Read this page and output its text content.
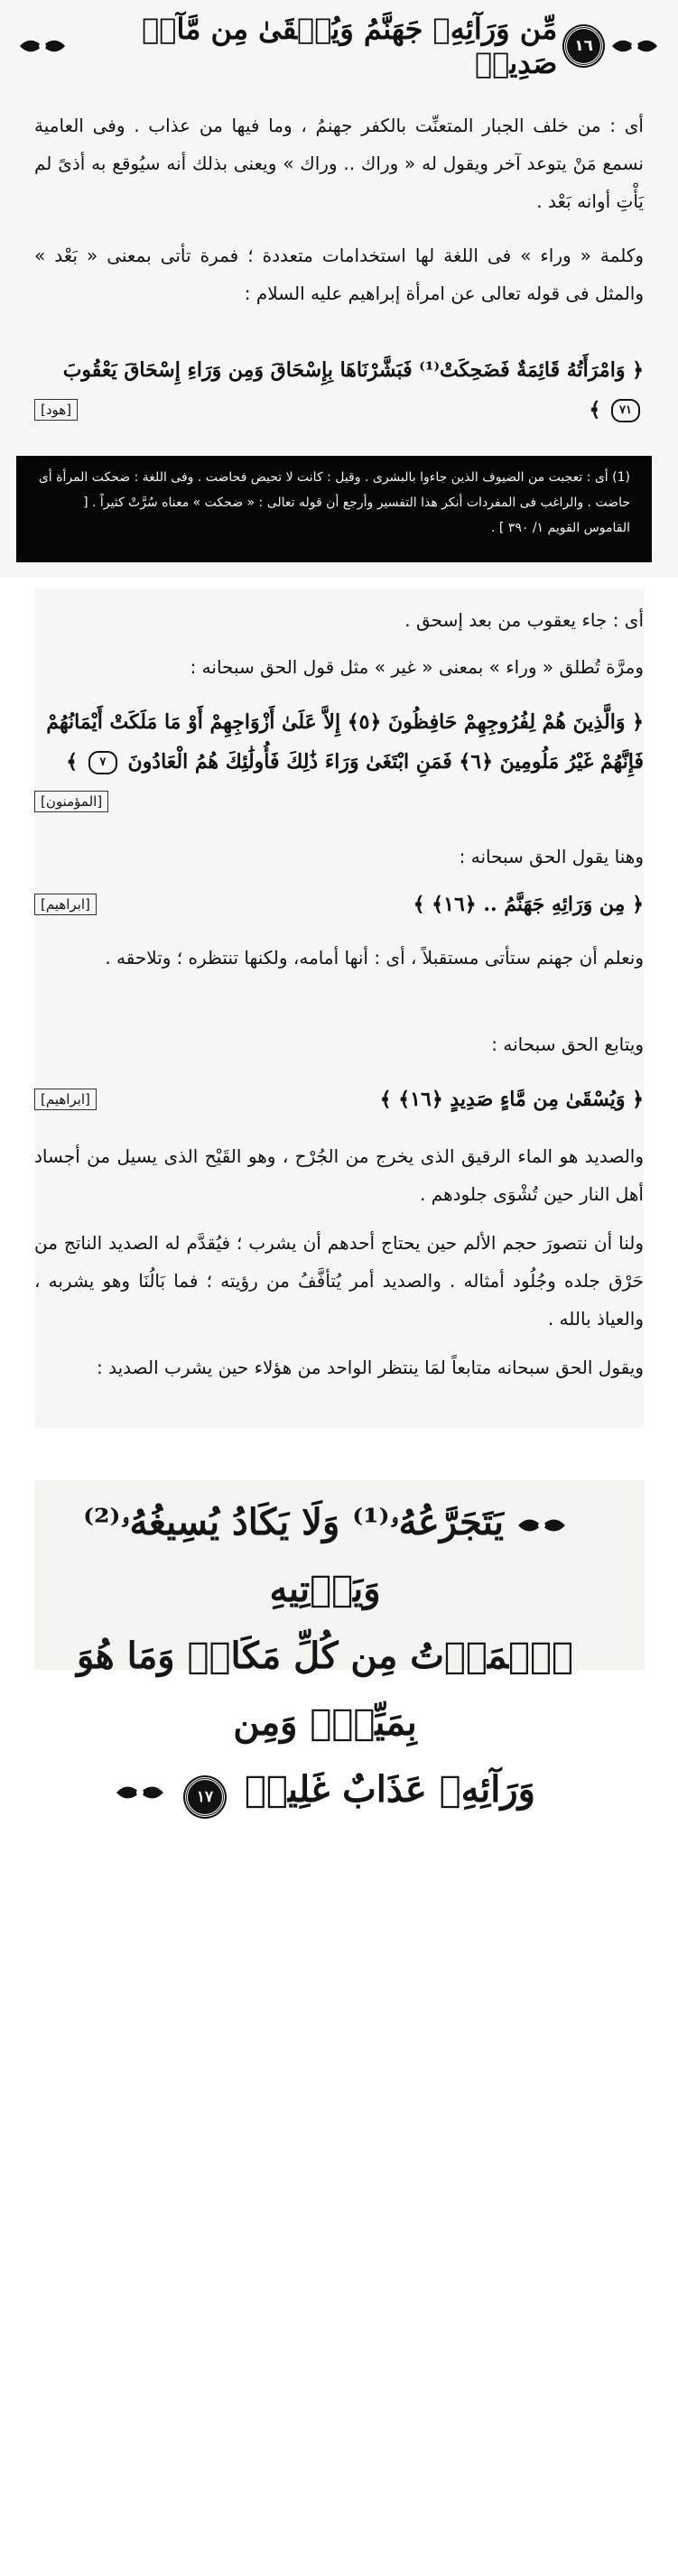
١٦
مِّن وَرَآئِهِۦ جَهَنَّمُ وَيُسۡقَىٰ مِن مَّآءٖ صَدِيدٖ
أى : من خلف الجبار المتعنِّت بالكفر جهنمُ ، وما فيها من عذاب . وفى العامية نسمع مَنْ يتوعد آخر ويقول له « وراك .. وراك » ويعنى بذلك أنه سيُوقع به أذىً لم يَأْتِ أوانه بَعْد .
وكلمة « وراء » فى اللغة لها استخدامات متعددة ؛ فمرة تأتى بمعنى « بَعْد » والمثل فى قوله تعالى عن امرأة إبراهيم عليه السلام :
﴿ وَامْرَأَتُهُ قَائِمَةٌ فَضَحِكَتْ⁽¹⁾ فَبَشَّرْنَاهَا بِإِسْحَاقَ وَمِن وَرَاءِ إِسْحَاقَ يَعْقُوبَ ٧١ ﴾
[هود]
(1) أى : تعجبت من الضيوف الذين جاءوا بالبشرى . وقيل : كانت لا تحيض فحاضت . وفى اللغة : ضحكت المرأة أى حاضت . والراغب فى المفردات أنكر هذا التفسير وأرجع أن قوله تعالى : « ضحكت » معناه سُرَّتْ كثيراً . [ القاموس القويم ١/ ٣٩٠ ] .
أى : جاء يعقوب من بعد إسحق .
ومرَّة تُطلق « وراء » بمعنى « غير » مثل قول الحق سبحانه :
﴿ وَالَّذِينَ هُمْ لِفُرُوجِهِمْ حَافِظُونَ ﴿٥﴾ إِلاَّ عَلَىٰ أَزْوَاجِهِمْ أَوْ مَا مَلَكَتْ أَيْمَانُهُمْ فَإِنَّهُمْ غَيْرُ مَلُومِينَ ﴿٦﴾ فَمَنِ ابْتَغَىٰ وَرَاءَ ذَٰلِكَ فَأُولَٰئِكَ هُمُ الْعَادُونَ ٧ ﴾
[المؤمنون]
وهنا يقول الحق سبحانه :
﴿ مِن وَرَائِهِ جَهَنَّمُ .. ﴿١٦﴾ ﴾
[ابراهيم]
ونعلم أن جهنم ستأتى مستقبلاً ، أى : أنها أمامه، ولكنها تنتظره ؛ وتلاحقه .
ويتابع الحق سبحانه :
﴿ وَيُسْقَىٰ مِن مَّاءٍ صَدِيدٍ ﴿١٦﴾ ﴾
[ابراهيم]
والصديد هو الماء الرقيق الذى يخرج من الجُرْح ، وهو القَيْح الذى يسيل من أجساد أهل النار حين تُشْوَى جلودهم .
ولنا أن نتصورَ حجم الألم حين يحتاج أحدهم أن يشرب ؛ فيُقدَّم له الصديد الناتج من حَرْق جلده وجُلُود أمثاله . والصديد أمر يُتأفَّفُ من رؤيته ؛ فما بَالُنَا وهو يشربه ، والعياذ بالله .
ويقول الحق سبحانه متابعاً لمَا ينتظر الواحد من هؤلاء حين يشرب الصديد :
يَتَجَرَّعُهُۥ⁽¹⁾ وَلَا يَكَادُ يُسِيغُهُۥ⁽²⁾ وَيَأۡتِيهِ
ٱلۡمَوۡتُ مِن كُلِّ مَكَانٖ وَمَا هُوَ بِمَيِّتٖۖ وَمِن
وَرَآئِهِۦ عَذَابٌ غَلِيظٞ ١٧
